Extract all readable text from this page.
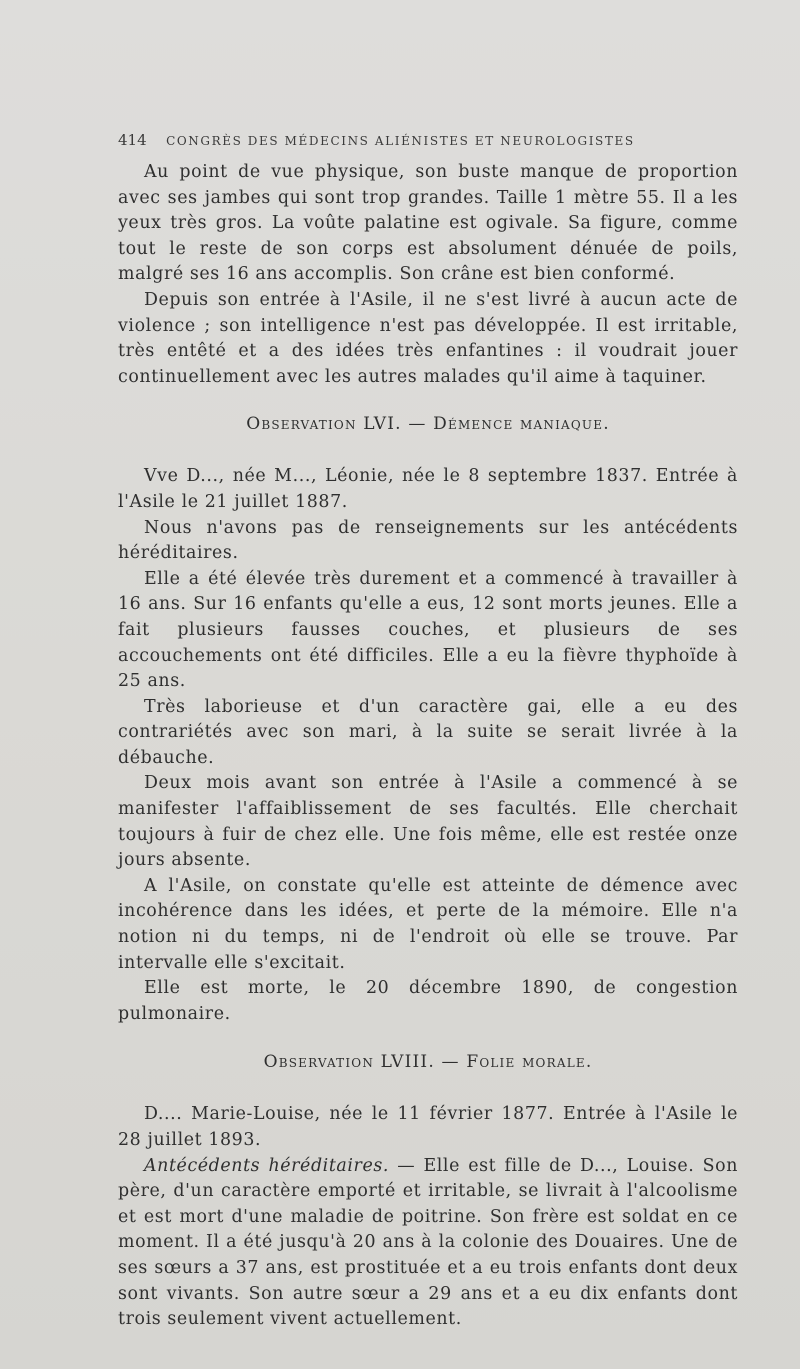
414 CONGRÈS DES MÉDECINS ALIÉNISTES ET NEUROLOGISTES

Au point de vue physique, son buste manque de proportion avec ses jambes qui sont trop grandes. Taille 1 mètre 55. Il a les yeux très gros. La voûte palatine est ogivale. Sa figure, comme tout le reste de son corps est absolument dénuée de poils, malgré ses 16 ans accomplis. Son crâne est bien conformé.

Depuis son entrée à l'Asile, il ne s'est livré à aucun acte de violence ; son intelligence n'est pas développée. Il est irritable, très entêté et a des idées très enfantines : il voudrait jouer continuellement avec les autres malades qu'il aime à taquiner.

Observation LVI. — Démence maniaque.

Vve D..., née M..., Léonie, née le 8 septembre 1837. Entrée à l'Asile le 21 juillet 1887.

Nous n'avons pas de renseignements sur les antécédents héréditaires.

Elle a été élevée très durement et a commencé à travailler à 16 ans. Sur 16 enfants qu'elle a eus, 12 sont morts jeunes. Elle a fait plusieurs fausses couches, et plusieurs de ses accouchements ont été difficiles. Elle a eu la fièvre thyphoïde à 25 ans.

Très laborieuse et d'un caractère gai, elle a eu des contrariétés avec son mari, à la suite se serait livrée à la débauche.

Deux mois avant son entrée à l'Asile a commencé à se manifester l'affaiblissement de ses facultés. Elle cherchait toujours à fuir de chez elle. Une fois même, elle est restée onze jours absente.

A l'Asile, on constate qu'elle est atteinte de démence avec incohérence dans les idées, et perte de la mémoire. Elle n'a notion ni du temps, ni de l'endroit où elle se trouve. Par intervalle elle s'excitait.

Elle est morte, le 20 décembre 1890, de congestion pulmonaire.

Observation LVIII. — Folie morale.

D.... Marie-Louise, née le 11 février 1877. Entrée à l'Asile le 28 juillet 1893.

Antécédents héréditaires. — Elle est fille de D..., Louise. Son père, d'un caractère emporté et irritable, se livrait à l'alcoolisme et est mort d'une maladie de poitrine. Son frère est soldat en ce moment. Il a été jusqu'à 20 ans à la colonie des Douaires. Une de ses sœurs a 37 ans, est prostituée et a eu trois enfants dont deux sont vivants. Son autre sœur a 29 ans et a eu dix enfants dont trois seulement vivent actuellement.
